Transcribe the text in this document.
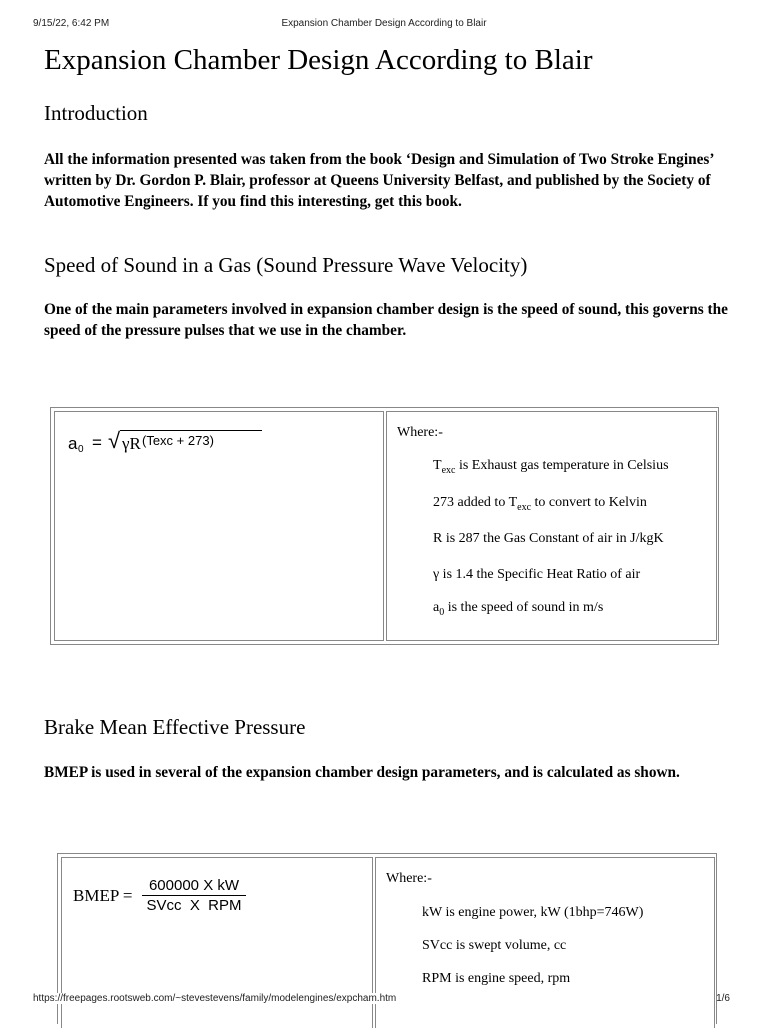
9/15/22, 6:42 PM	Expansion Chamber Design According to Blair
Expansion Chamber Design According to Blair
Introduction

All the information presented was taken from the book ‘Design and Simulation of Two Stroke Engines’ written by Dr. Gordon P. Blair, professor at Queens University Belfast, and published by the Society of Automotive Engineers. If you find this interesting, get this book.

Speed of Sound in a Gas (Sound Pressure Wave Velocity)

One of the main parameters involved in expansion chamber design is the speed of sound, this governs the speed of the pressure pulses that we use in the chamber.

a 0 = √ γR (Texc + 273)
Where:-
$T_{exc}$ is Exhaust gas temperature in Celsius
273 added to $T_{exc}$ to convert to Kelvin
R is 287 the Gas Constant of air in J/kgK
γ is 1.4 the Specific Heat Ratio of air
$a_0$ is the speed of sound in m/s
Brake Mean Effective Pressure

BMEP is used in several of the expansion chamber design parameters, and is calculated as shown.

BMEP =
600000 X kW
SVcc  X  RPM
Where:-
kW is engine power, kW (1bhp=746W)
SVcc is swept volume, cc
RPM is engine speed, rpm
https://freepages.rootsweb.com/~stevestevens/family/modelengines/expcham.htm	1/6
